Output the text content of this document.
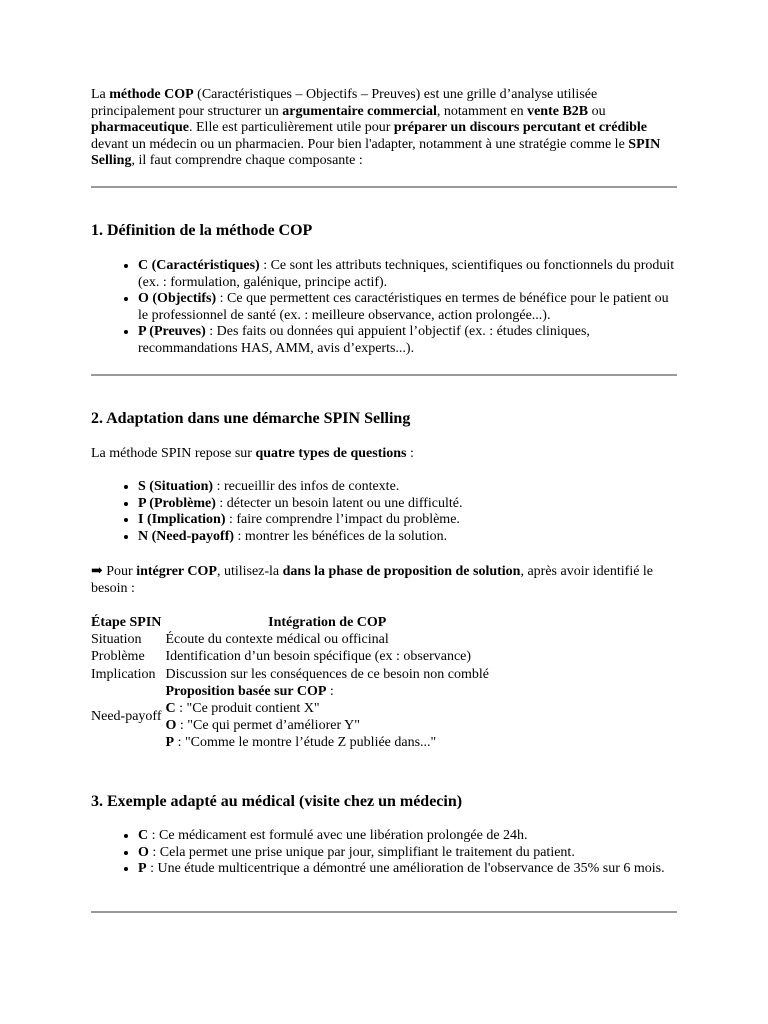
La méthode COP (Caractéristiques – Objectifs – Preuves) est une grille d’analyse utilisée principalement pour structurer un argumentaire commercial, notamment en vente B2B ou pharmaceutique. Elle est particulièrement utile pour préparer un discours percutant et crédible devant un médecin ou un pharmacien. Pour bien l'adapter, notamment à une stratégie comme le SPIN Selling, il faut comprendre chaque composante :

1. Définition de la méthode COP
• C (Caractéristiques) : Ce sont les attributs techniques, scientifiques ou fonctionnels du produit (ex. : formulation, galénique, principe actif).
• O (Objectifs) : Ce que permettent ces caractéristiques en termes de bénéfice pour le patient ou le professionnel de santé (ex. : meilleure observance, action prolongée...).
• P (Preuves) : Des faits ou données qui appuient l’objectif (ex. : études cliniques, recommandations HAS, AMM, avis d’experts...).
2. Adaptation dans une démarche SPIN Selling

La méthode SPIN repose sur quatre types de questions :

• S (Situation) : recueillir des infos de contexte.
• P (Problème) : détecter un besoin latent ou une difficulté.
• I (Implication) : faire comprendre l’impact du problème.
• N (Need-payoff) : montrer les bénéfices de la solution.

➡ Pour intégrer COP, utilisez-la dans la phase de proposition de solution, après avoir identifié le besoin :

Étape SPIN	Intégration de COP
Situation	Écoute du contexte médical ou officinal
Problème	Identification d’un besoin spécifique (ex : observance)
Implication	Discussion sur les conséquences de ce besoin non comblé
Need-payoff	Proposition basée sur COP :
C : "Ce produit contient X"
O : "Ce qui permet d’améliorer Y"
P : "Comme le montre l’étude Z publiée dans..."
3. Exemple adapté au médical (visite chez un médecin)
• C : Ce médicament est formulé avec une libération prolongée de 24h.
• O : Cela permet une prise unique par jour, simplifiant le traitement du patient.
• P : Une étude multicentrique a démontré une amélioration de l'observance de 35% sur 6 mois.
